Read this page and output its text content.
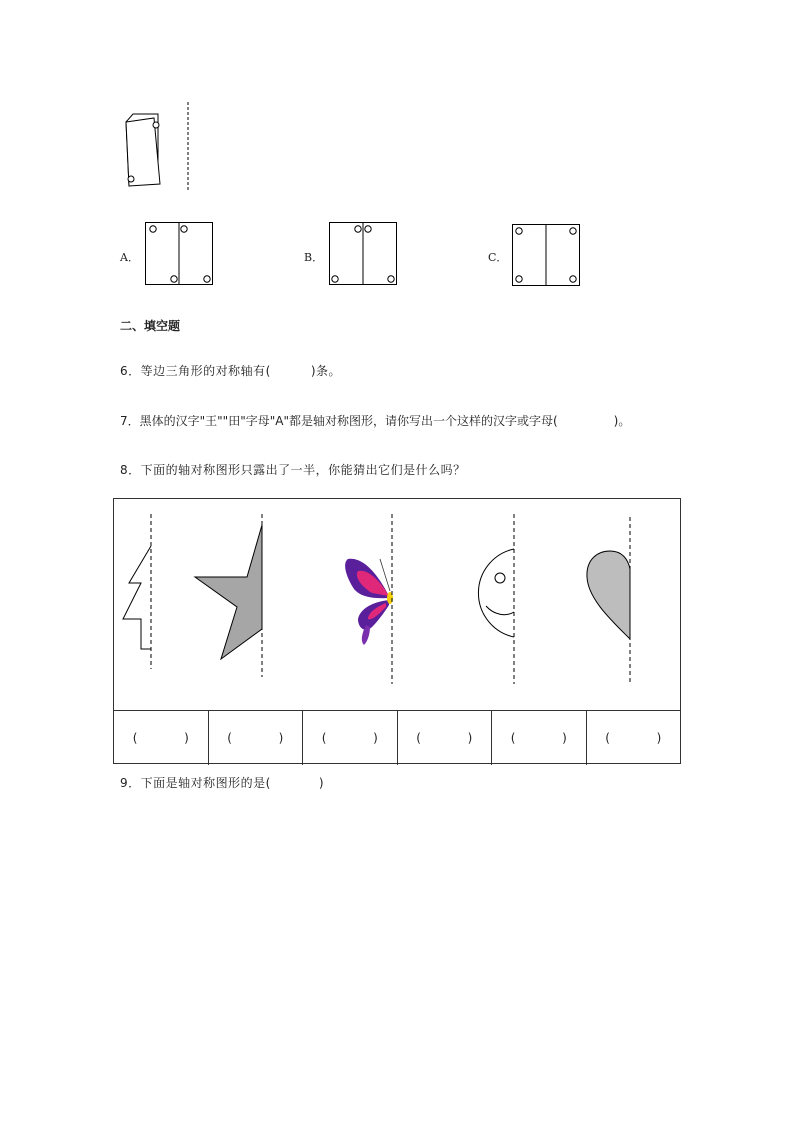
A．	B．	C．
二、填空题
6．等边三角形的对称轴有(	)条。
7．黑体的汉字"王""田"字母"A"都是轴对称图形，请你写出一个这样的汉字或字母(	)。
8．下面的轴对称图形只露出了一半，你能猜出它们是什么吗？
(	)	(	)	(	)	(	)	(	)	(	)
9．下面是轴对称图形的是(	)
